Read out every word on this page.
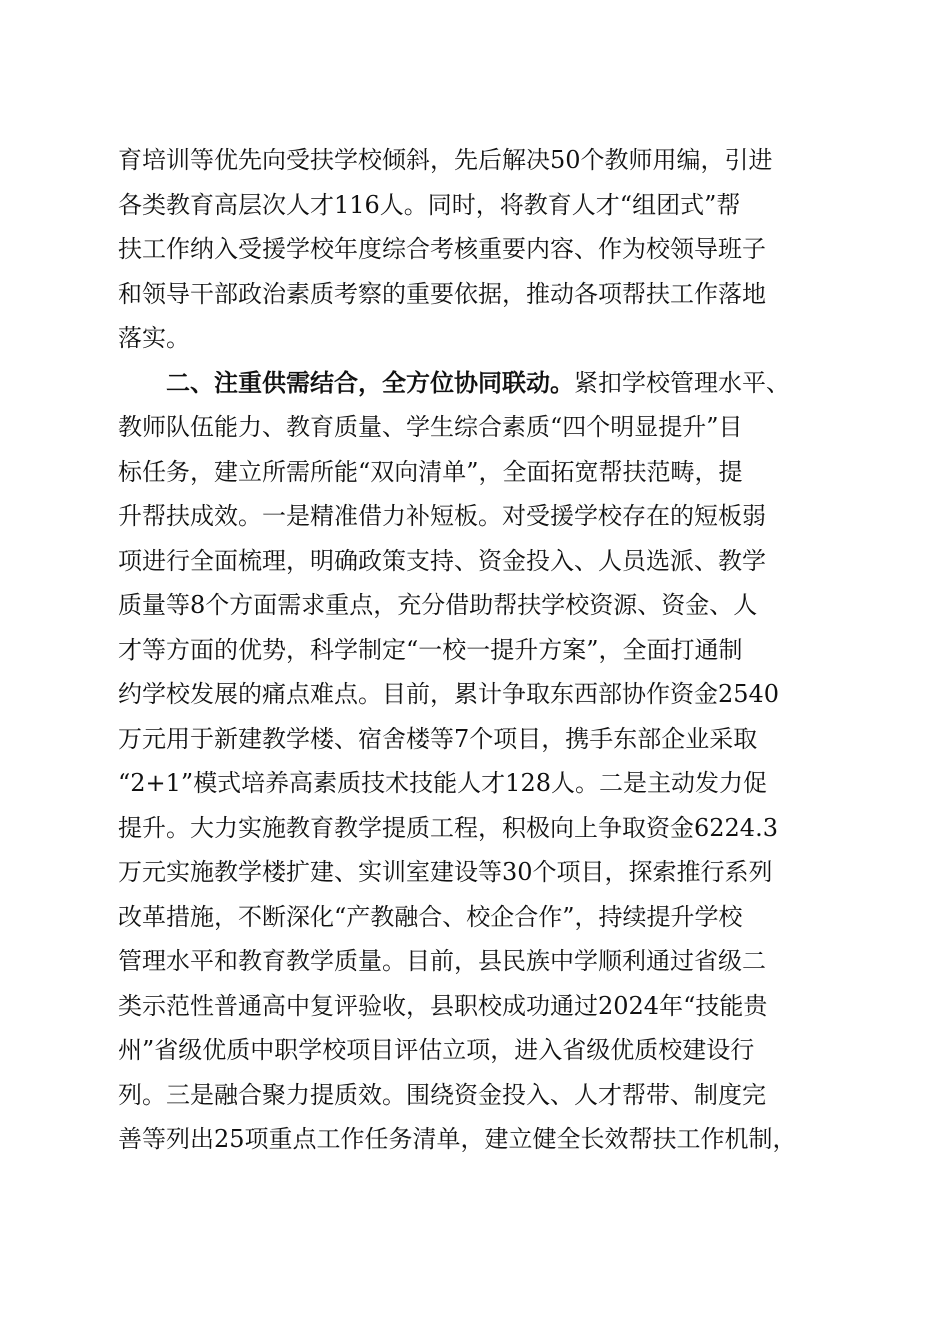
育培训等优先向受扶学校倾斜，先后解决50个教师用编，引进
各类教育高层次人才116人。同时，将教育人才“组团式”帮
扶工作纳入受援学校年度综合考核重要内容、作为校领导班子
和领导干部政治素质考察的重要依据，推动各项帮扶工作落地
落实。
二、注重供需结合，全方位协同联动。紧扣学校管理水平、
教师队伍能力、教育质量、学生综合素质“四个明显提升”目
标任务，建立所需所能“双向清单”，全面拓宽帮扶范畴，提
升帮扶成效。一是精准借力补短板。对受援学校存在的短板弱
项进行全面梳理，明确政策支持、资金投入、人员选派、教学
质量等8个方面需求重点，充分借助帮扶学校资源、资金、人
才等方面的优势，科学制定“一校一提升方案”，全面打通制
约学校发展的痛点难点。目前，累计争取东西部协作资金2540
万元用于新建教学楼、宿舍楼等7个项目，携手东部企业采取
“2+1”模式培养高素质技术技能人才128人。二是主动发力促
提升。大力实施教育教学提质工程，积极向上争取资金6224.3
万元实施教学楼扩建、实训室建设等30个项目，探索推行系列
改革措施，不断深化“产教融合、校企合作”，持续提升学校
管理水平和教育教学质量。目前，县民族中学顺利通过省级二
类示范性普通高中复评验收，县职校成功通过2024年“技能贵
州”省级优质中职学校项目评估立项，进入省级优质校建设行
列。三是融合聚力提质效。围绕资金投入、人才帮带、制度完
善等列出25项重点工作任务清单，建立健全长效帮扶工作机制，
